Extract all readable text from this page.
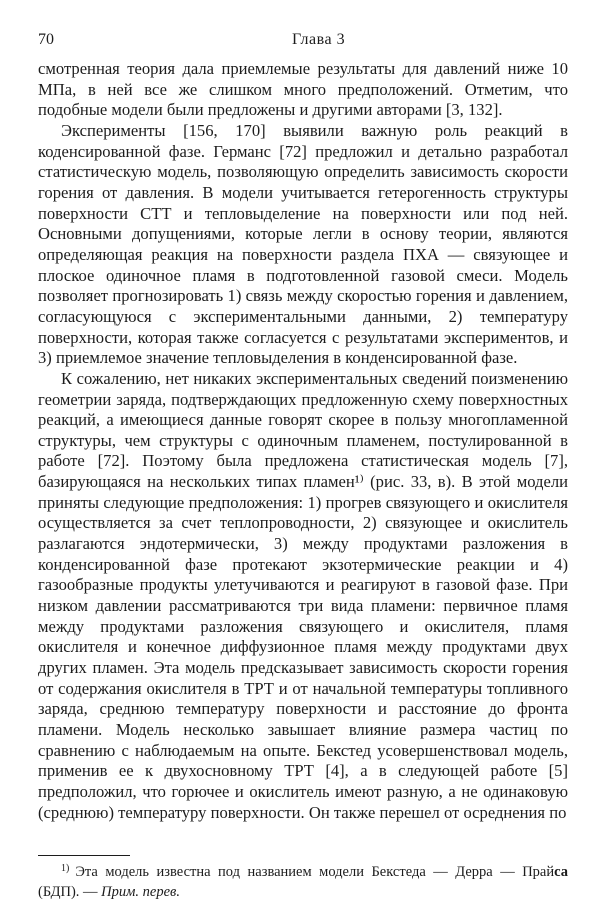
70	Глава 3

смотренная теория дала приемлемые результаты для давлений ниже 10 МПа, в ней все же слишком много предположений. Отметим, что подобные модели были предложены и другими авторами [3, 132].

Эксперименты [156, 170] выявили важную роль реакций в коденсированной фазе. Германс [72] предложил и детально разработал статистическую модель, позволяющую определить зависимость скорости горения от давления. В модели учитывается гетерогенность структуры поверхности СТТ и тепловыделение на поверхности или под ней. Основными допущениями, которые легли в основу теории, являются определяющая реакция на поверхности раздела ПХА — связующее и плоское одиночное пламя в подготовленной газовой смеси. Модель позволяет прогнозировать 1) связь между скоростью горения и давлением, согласующуюся с экспериментальными данными, 2) температуру поверхности, которая также согласуется с результатами экспериментов, и 3) приемлемое значение тепловыделения в конденсированной фазе.

К сожалению, нет никаких экспериментальных сведений поизменению геометрии заряда, подтверждающих предложенную схему поверхностных реакций, а имеющиеся данные говорят скорее в пользу многопламенной структуры, чем структуры с одиночным пламенем, постулированной в работе [72]. Поэтому была предложена статистическая модель [7], базирующаяся на нескольких типах пламен¹⁾ (рис. 33, в). В этой модели приняты следующие предположения: 1) прогрев связующего и окислителя осуществляется за счет теплопроводности, 2) связующее и окислитель разлагаются эндотермически, 3) между продуктами разложения в конденсированной фазе протекают экзотермические реакции и 4) газообразные продукты улетучиваются и реагируют в газовой фазе. При низком давлении рассматриваются три вида пламени: первичное пламя между продуктами разложения связующего и окислителя, пламя окислителя и конечное диффузионное пламя между продуктами двух других пламен. Эта модель предсказывает зависимость скорости горения от содержания окислителя в ТРТ и от начальной температуры топливного заряда, среднюю температуру поверхности и расстояние до фронта пламени. Модель несколько завышает влияние размера частиц по сравнению с наблюдаемым на опыте. Бекстед усовершенствовал модель, применив ее к двухосновному ТРТ [4], а в следующей работе [5] предположил, что горючее и окислитель имеют разную, а не одинаковую (среднюю) температуру поверхности. Он также перешел от осреднения по

1) Эта модель известна под названием модели Бекстеда — Дерра — Прайса (БДП). — Прим. перев.
